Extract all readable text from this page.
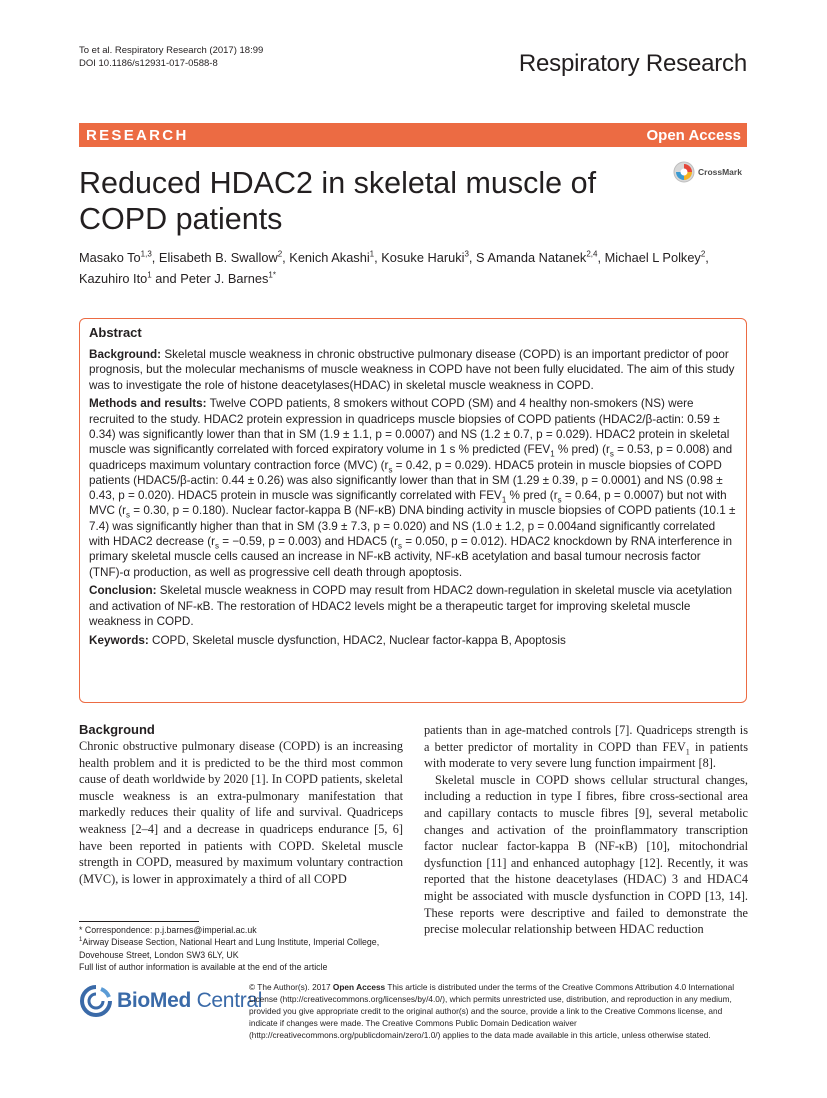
To et al. Respiratory Research (2017) 18:99
DOI 10.1186/s12931-017-0588-8	Respiratory Research
RESEARCH	Open Access
Reduced HDAC2 in skeletal muscle of COPD patients
CrossMark
Masako To$^{1,3}$, Elisabeth B. Swallow$^2$, Kenich Akashi$^1$, Kosuke Haruki$^3$, S Amanda Natanek$^{2,4}$, Michael L Polkey$^2$,
Kazuhiro Ito$^1$ and Peter J. Barnes$^{1*}$
Abstract

Background: Skeletal muscle weakness in chronic obstructive pulmonary disease (COPD) is an important predictor of poor prognosis, but the molecular mechanisms of muscle weakness in COPD have not been fully elucidated. The aim of this study was to investigate the role of histone deacetylases(HDAC) in skeletal muscle weakness in COPD.

Methods and results: Twelve COPD patients, 8 smokers without COPD (SM) and 4 healthy non-smokers (NS) were recruited to the study. HDAC2 protein expression in quadriceps muscle biopsies of COPD patients (HDAC2/β-actin: 0.59 ± 0.34) was significantly lower than that in SM (1.9 ± 1.1, p = 0.0007) and NS (1.2 ± 0.7, p = 0.029). HDAC2 protein in skeletal muscle was significantly correlated with forced expiratory volume in 1 s % predicted ($FEV_1$ % pred) ($r_s = 0.53$, p = 0.008) and quadriceps maximum voluntary contraction force (MVC) ($r_s = 0.42$, p = 0.029). HDAC5 protein in muscle biopsies of COPD patients (HDAC5/β-actin: 0.44 ± 0.26) was also significantly lower than that in SM (1.29 ± 0.39, p = 0.0001) and NS (0.98 ± 0.43, p = 0.020). HDAC5 protein in muscle was significantly correlated with $FEV_1$ % pred ($r_s = 0.64$, p = 0.0007) but not with MVC ($r_s = 0.30$, p = 0.180). Nuclear factor-kappa B (NF-κB) DNA binding activity in muscle biopsies of COPD patients (10.1 ± 7.4) was significantly higher than that in SM (3.9 ± 7.3, p = 0.020) and NS (1.0 ± 1.2, p = 0.004and significantly correlated with HDAC2 decrease ($r_s = -0.59$, p = 0.003) and HDAC5 ($r_s = 0.050$, p = 0.012). HDAC2 knockdown by RNA interference in primary skeletal muscle cells caused an increase in NF-κB activity, NF-κB acetylation and basal tumour necrosis factor (TNF)-α production, as well as progressive cell death through apoptosis.

Conclusion: Skeletal muscle weakness in COPD may result from HDAC2 down-regulation in skeletal muscle via acetylation and activation of NF-κB. The restoration of HDAC2 levels might be a therapeutic target for improving skeletal muscle weakness in COPD.

Keywords: COPD, Skeletal muscle dysfunction, HDAC2, Nuclear factor-kappa B, Apoptosis

Background

Chronic obstructive pulmonary disease (COPD) is an increasing health problem and it is predicted to be the third most common cause of death worldwide by 2020 [1]. In COPD patients, skeletal muscle weakness is an extra-pulmonary manifestation that markedly reduces their quality of life and survival. Quadriceps weakness [2–4] and a decrease in quadriceps endurance [5, 6] have been reported in patients with COPD. Skeletal muscle strength in COPD, measured by maximum voluntary contraction (MVC), is lower in approximately a third of all COPD

patients than in age-matched controls [7]. Quadriceps strength is a better predictor of mortality in COPD than $FEV_1$ in patients with moderate to very severe lung function impairment [8].

Skeletal muscle in COPD shows cellular structural changes, including a reduction in type I fibres, fibre cross-sectional area and capillary contacts to muscle fibres [9], several metabolic changes and activation of the proinflammatory transcription factor nuclear factor-kappa B (NF-κB) [10], mitochondrial dysfunction [11] and enhanced autophagy [12]. Recently, it was reported that the histone deacetylases (HDAC) 3 and HDAC4 might be associated with muscle dysfunction in COPD [13, 14]. These reports were descriptive and failed to demonstrate the precise molecular relationship between HDAC reduction

* Correspondence: p.j.barnes@imperial.ac.uk
$^1$Airway Disease Section, National Heart and Lung Institute, Imperial College, Dovehouse Street, London SW3 6LY, UK
Full list of author information is available at the end of the article
BioMed Central
© The Author(s). 2017 Open Access This article is distributed under the terms of the Creative Commons Attribution 4.0 International License (http://creativecommons.org/licenses/by/4.0/), which permits unrestricted use, distribution, and reproduction in any medium, provided you give appropriate credit to the original author(s) and the source, provide a link to the Creative Commons license, and indicate if changes were made. The Creative Commons Public Domain Dedication waiver (http://creativecommons.org/publicdomain/zero/1.0/) applies to the data made available in this article, unless otherwise stated.
